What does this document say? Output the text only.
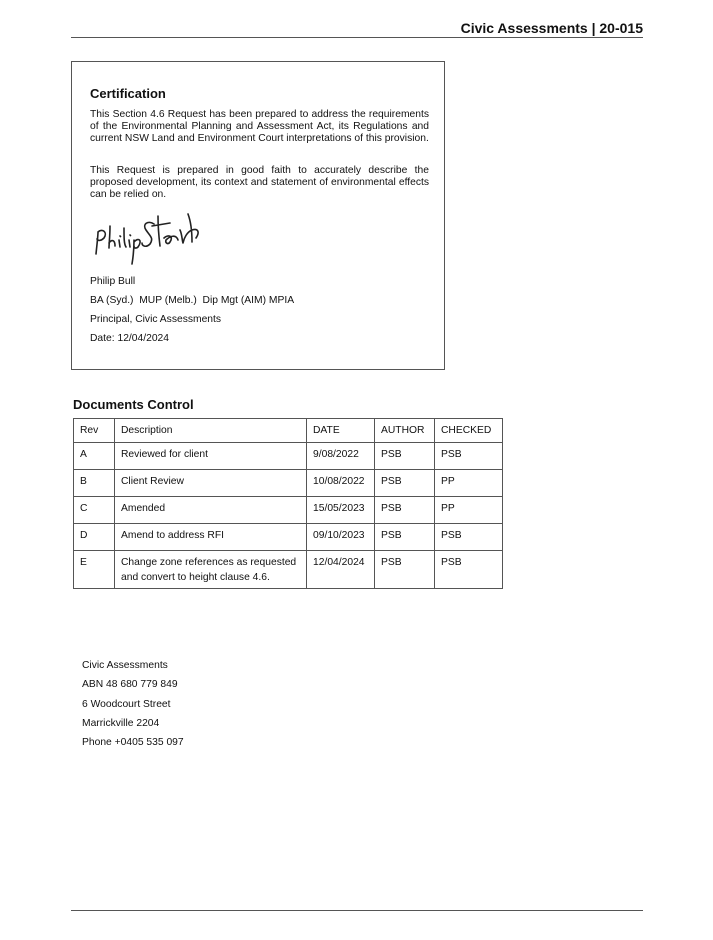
Civic Assessments | 20-015
Certification

This Section 4.6 Request has been prepared to address the requirements of the Environmental Planning and Assessment Act, its Regulations and current NSW Land and Environment Court interpretations of this provision.

This Request is prepared in good faith to accurately describe the proposed development, its context and statement of environmental effects can be relied on.

Philip Bull
BA (Syd.)  MUP (Melb.)  Dip Mgt (AIM) MPIA
Principal, Civic Assessments
Date: 12/04/2024
Documents Control
Rev	Description	DATE	AUTHOR	CHECKED
A	Reviewed for client	9/08/2022	PSB	PSB
B	Client Review	10/08/2022	PSB	PP
C	Amended	15/05/2023	PSB	PP
D	Amend to address RFI	09/10/2023	PSB	PSB
E	Change zone references as requested and convert to height clause 4.6.	12/04/2024	PSB	PSB
Civic Assessments
ABN 48 680 779 849
6 Woodcourt Street
Marrickville 2204
Phone +0405 535 097
